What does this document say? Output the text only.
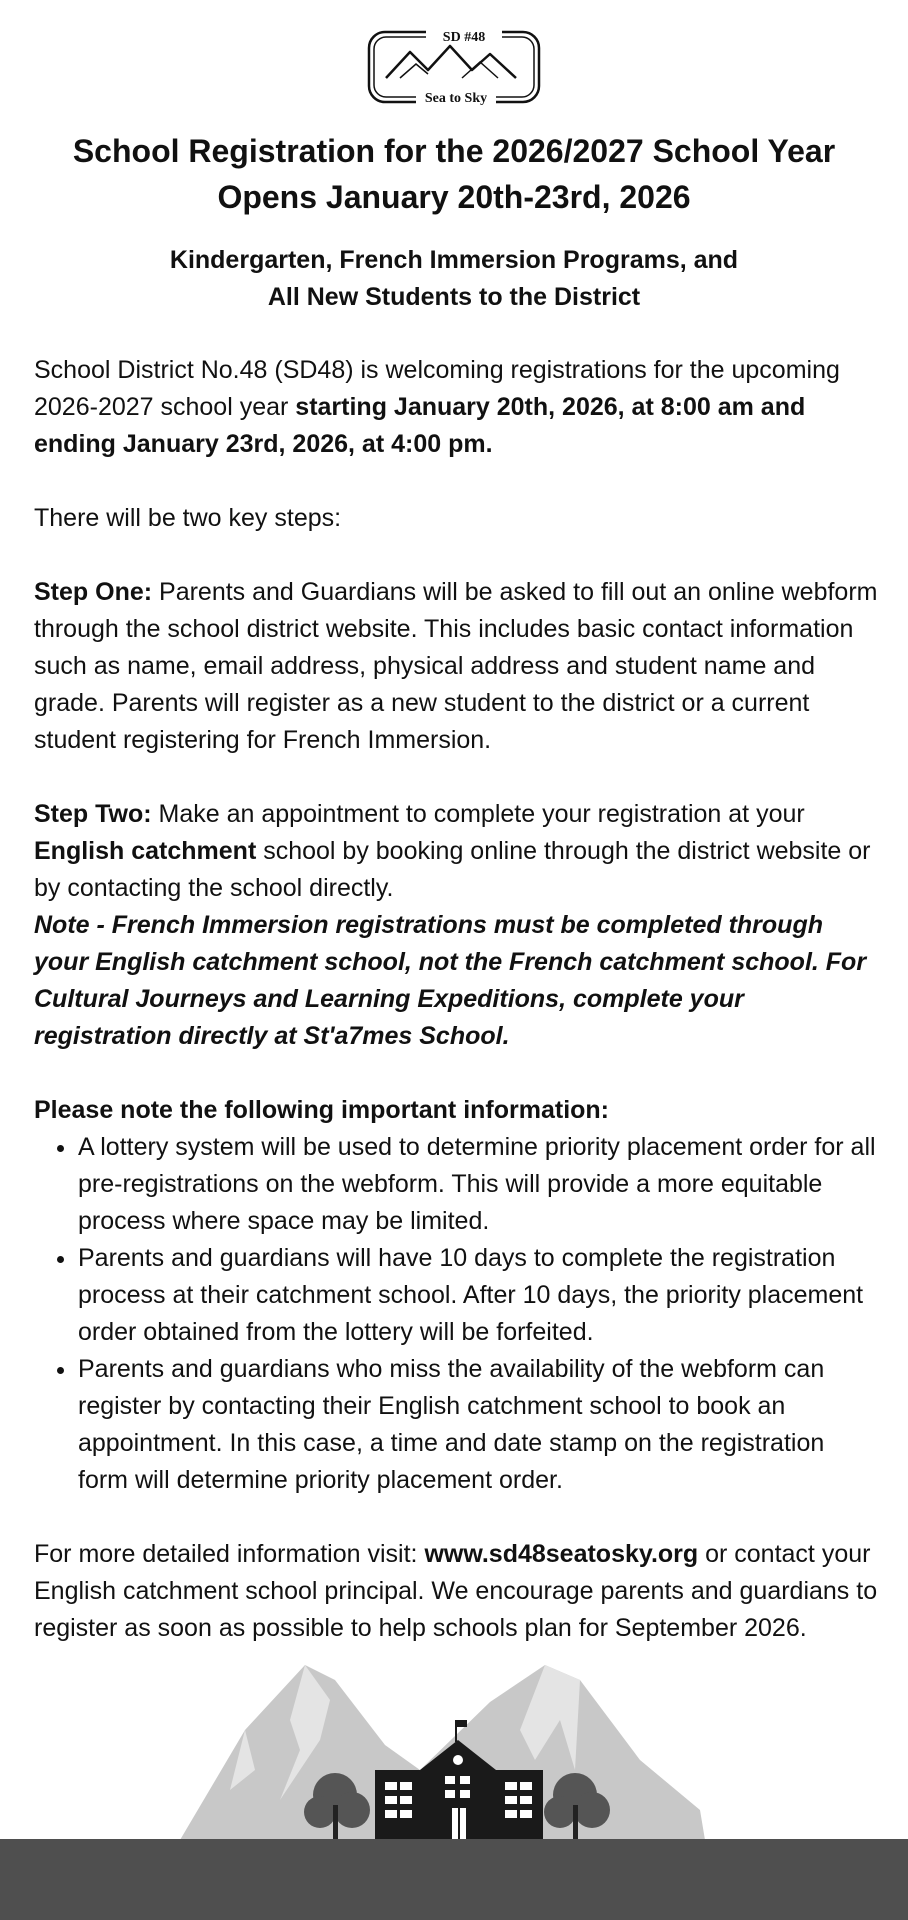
SD #48
Sea to Sky
School Registration for the 2026/2027 School Year
Opens January 20th-23rd, 2026
Kindergarten, French Immersion Programs, and
All New Students to the District

School District No.48 (SD48) is welcoming registrations for the upcoming 2026-2027 school year starting January 20th, 2026, at 8:00 am and ending January 23rd, 2026, at 4:00 pm.

There will be two key steps:

Step One: Parents and Guardians will be asked to fill out an online webform through the school district website. This includes basic contact information such as name, email address, physical address and student name and grade. Parents will register as a new student to the district or a current student registering for French Immersion.

Step Two: Make an appointment to complete your registration at your English catchment school by booking online through the district website or by contacting the school directly.

Note - French Immersion registrations must be completed through your English catchment school, not the French catchment school. For Cultural Journeys and Learning Expeditions, complete your registration directly at St'a7mes School.

Please note the following important information:

• A lottery system will be used to determine priority placement order for all pre-registrations on the webform. This will provide a more equitable process where space may be limited.
• Parents and guardians will have 10 days to complete the registration process at their catchment school. After 10 days, the priority placement order obtained from the lottery will be forfeited.
• Parents and guardians who miss the availability of the webform can register by contacting their English catchment school to book an appointment. In this case, a time and date stamp on the registration form will determine priority placement order.

For more detailed information visit: www.sd48seatosky.org or contact your English catchment school principal. We encourage parents and guardians to register as soon as possible to help schools plan for September 2026.
